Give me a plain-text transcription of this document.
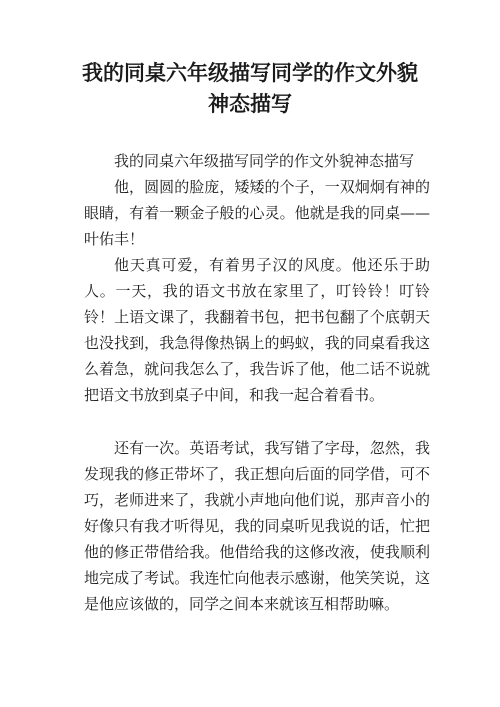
我的同桌六年级描写同学的作文外貌
神态描写

我的同桌六年级描写同学的作文外貌神态描写

他，圆圆的脸庞，矮矮的个子，一双炯炯有神的眼睛，有着一颗金子般的心灵。他就是我的同桌——叶佑丰！

他天真可爱，有着男子汉的风度。他还乐于助人。一天，我的语文书放在家里了，叮铃铃！叮铃铃！上语文课了，我翻着书包，把书包翻了个底朝天也没找到，我急得像热锅上的蚂蚁，我的同桌看我这么着急，就问我怎么了，我告诉了他，他二话不说就把语文书放到桌子中间，和我一起合着看书。

还有一次。英语考试，我写错了字母，忽然，我发现我的修正带坏了，我正想向后面的同学借，可不巧，老师进来了，我就小声地向他们说，那声音小的好像只有我才听得见，我的同桌听见我说的话，忙把他的修正带借给我。他借给我的这修改液，使我顺利地完成了考试。我连忙向他表示感谢，他笑笑说，这是他应该做的，同学之间本来就该互相帮助嘛。
